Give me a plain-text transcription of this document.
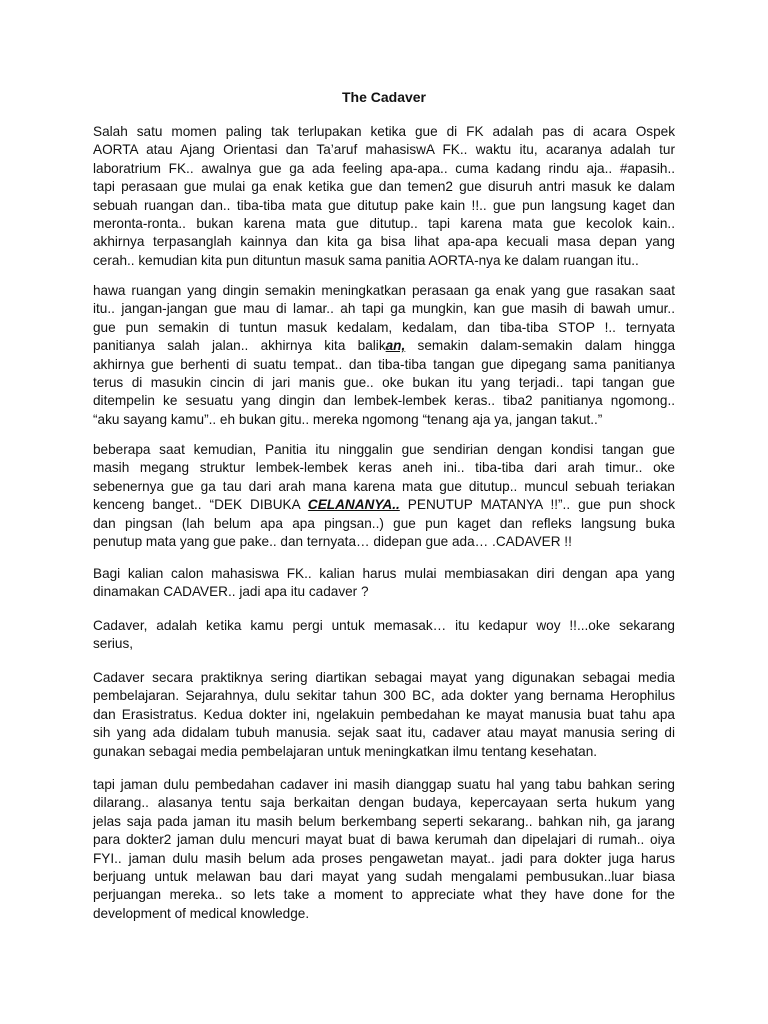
The Cadaver
Salah satu momen paling tak terlupakan ketika gue di FK adalah pas di acara Ospek
AORTA atau Ajang Orientasi dan Ta’aruf mahasiswA FK.. waktu itu, acaranya adalah tur
laboratrium FK.. awalnya gue ga ada feeling apa-apa.. cuma kadang rindu aja.. #apasih..
tapi perasaan gue mulai ga enak ketika gue dan temen2 gue disuruh antri masuk ke dalam
sebuah ruangan dan.. tiba-tiba mata gue ditutup pake kain !!.. gue pun langsung kaget dan
meronta-ronta.. bukan karena mata gue ditutup.. tapi karena mata gue kecolok kain..
akhirnya terpasanglah kainnya dan kita ga bisa lihat apa-apa kecuali masa depan yang
cerah.. kemudian kita pun dituntun masuk sama panitia AORTA-nya ke dalam ruangan itu..
hawa ruangan yang dingin semakin meningkatkan perasaan ga enak yang gue rasakan saat
itu.. jangan-jangan gue mau di lamar.. ah tapi ga mungkin, kan gue masih di bawah umur..
gue pun semakin di tuntun masuk kedalam, kedalam, dan tiba-tiba STOP !.. ternyata
panitianya salah jalan.. akhirnya kita balikan, semakin dalam-semakin dalam hingga
akhirnya gue berhenti di suatu tempat.. dan tiba-tiba tangan gue dipegang sama panitianya
terus di masukin cincin di jari manis gue.. oke bukan itu yang terjadi.. tapi tangan gue
ditempelin ke sesuatu yang dingin dan lembek-lembek keras.. tiba2 panitianya ngomong..
“aku sayang kamu”.. eh bukan gitu.. mereka ngomong “tenang aja ya, jangan takut..”
beberapa saat kemudian, Panitia itu ninggalin gue sendirian dengan kondisi tangan gue
masih megang struktur lembek-lembek keras aneh ini.. tiba-tiba dari arah timur.. oke
sebenernya gue ga tau dari arah mana karena mata gue ditutup.. muncul sebuah teriakan
kenceng banget.. “DEK DIBUKA CELANANYA.. PENUTUP MATANYA !!”.. gue pun shock
dan pingsan (lah belum apa apa pingsan..) gue pun kaget dan refleks langsung buka
penutup mata yang gue pake.. dan ternyata… didepan gue ada… .CADAVER !!
Bagi kalian calon mahasiswa FK.. kalian harus mulai membiasakan diri dengan apa yang
dinamakan CADAVER.. jadi apa itu cadaver ?
Cadaver, adalah ketika kamu pergi untuk memasak… itu kedapur woy !!...oke sekarang
serius,
Cadaver secara praktiknya sering diartikan sebagai mayat yang digunakan sebagai media
pembelajaran. Sejarahnya, dulu sekitar tahun 300 BC, ada dokter yang bernama Herophilus
dan Erasistratus. Kedua dokter ini, ngelakuin pembedahan ke mayat manusia buat tahu apa
sih yang ada didalam tubuh manusia. sejak saat itu, cadaver atau mayat manusia sering di
gunakan sebagai media pembelajaran untuk meningkatkan ilmu tentang kesehatan.
tapi jaman dulu pembedahan cadaver ini masih dianggap suatu hal yang tabu bahkan sering
dilarang.. alasanya tentu saja berkaitan dengan budaya, kepercayaan serta hukum yang
jelas saja pada jaman itu masih belum berkembang seperti sekarang.. bahkan nih, ga jarang
para dokter2 jaman dulu mencuri mayat buat di bawa kerumah dan dipelajari di rumah.. oiya
FYI.. jaman dulu masih belum ada proses pengawetan mayat.. jadi para dokter juga harus
berjuang untuk melawan bau dari mayat yang sudah mengalami pembusukan..luar biasa
perjuangan mereka.. so lets take a moment to appreciate what they have done for the
development of medical knowledge.
